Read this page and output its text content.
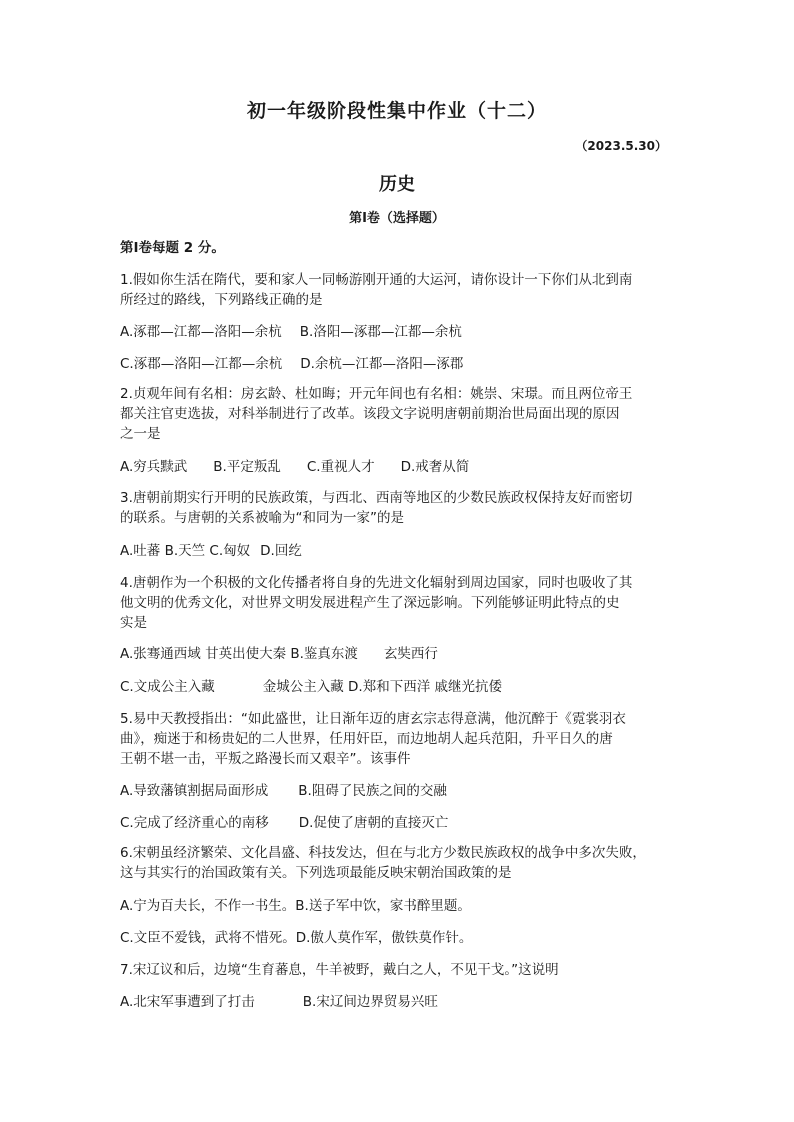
初一年级阶段性集中作业（十二）
（2023.5.30）
历史
第Ⅰ卷（选择题）
第Ⅰ卷每题 2 分。
1.假如你生活在隋代，要和家人一同畅游刚开通的大运河，请你设计一下你们从北到南
所经过的路线，下列路线正确的是
A.涿郡—江都—洛阳—余杭 B.洛阳—涿郡—江都—余杭
C.涿郡—洛阳—江都—余杭 D.余杭—江都—洛阳—涿郡
2.贞观年间有名相：房玄龄、杜如晦；开元年间也有名相：姚崇、宋璟。而且两位帝王
都关注官吏选拔，对科举制进行了改革。该段文字说明唐朝前期治世局面出现的原因
之一是
A.穷兵黩武 B.平定叛乱 C.重视人才 D.戒奢从简
3.唐朝前期实行开明的民族政策，与西北、西南等地区的少数民族政权保持友好而密切
的联系。与唐朝的关系被喻为“和同为一家”的是
A.吐蕃 B.天竺 C.匈奴 D.回纥
4.唐朝作为一个积极的文化传播者将自身的先进文化辐射到周边国家，同时也吸收了其
他文明的优秀文化，对世界文明发展进程产生了深远影响。下列能够证明此特点的史
实是
A.张骞通西域 甘英出使大秦 B.鉴真东渡 玄奘西行
C.文成公主入藏	金城公主入藏 D.郑和下西洋 戚继光抗倭
5.易中天教授指出：“如此盛世，让日渐年迈的唐玄宗志得意满，他沉醉于《霓裳羽衣
曲》，痴迷于和杨贵妃的二人世界，任用奸臣，而边地胡人起兵范阳，升平日久的唐
王朝不堪一击，平叛之路漫长而又艰辛”。该事件
A.导致藩镇割据局面形成 B.阻碍了民族之间的交融
C.完成了经济重心的南移 D.促使了唐朝的直接灭亡
6.宋朝虽经济繁荣、文化昌盛、科技发达，但在与北方少数民族政权的战争中多次失败，
这与其实行的治国政策有关。下列选项最能反映宋朝治国政策的是
A.宁为百夫长，不作一书生。B.送子军中饮，家书醉里题。
C.文臣不爱钱，武将不惜死。D.傲人莫作军，傲铁莫作针。
7.宋辽议和后，边境“生育蕃息，牛羊被野，戴白之人，不见干戈。”这说明
A.北宋军事遭到了打击	B.宋辽间边界贸易兴旺
